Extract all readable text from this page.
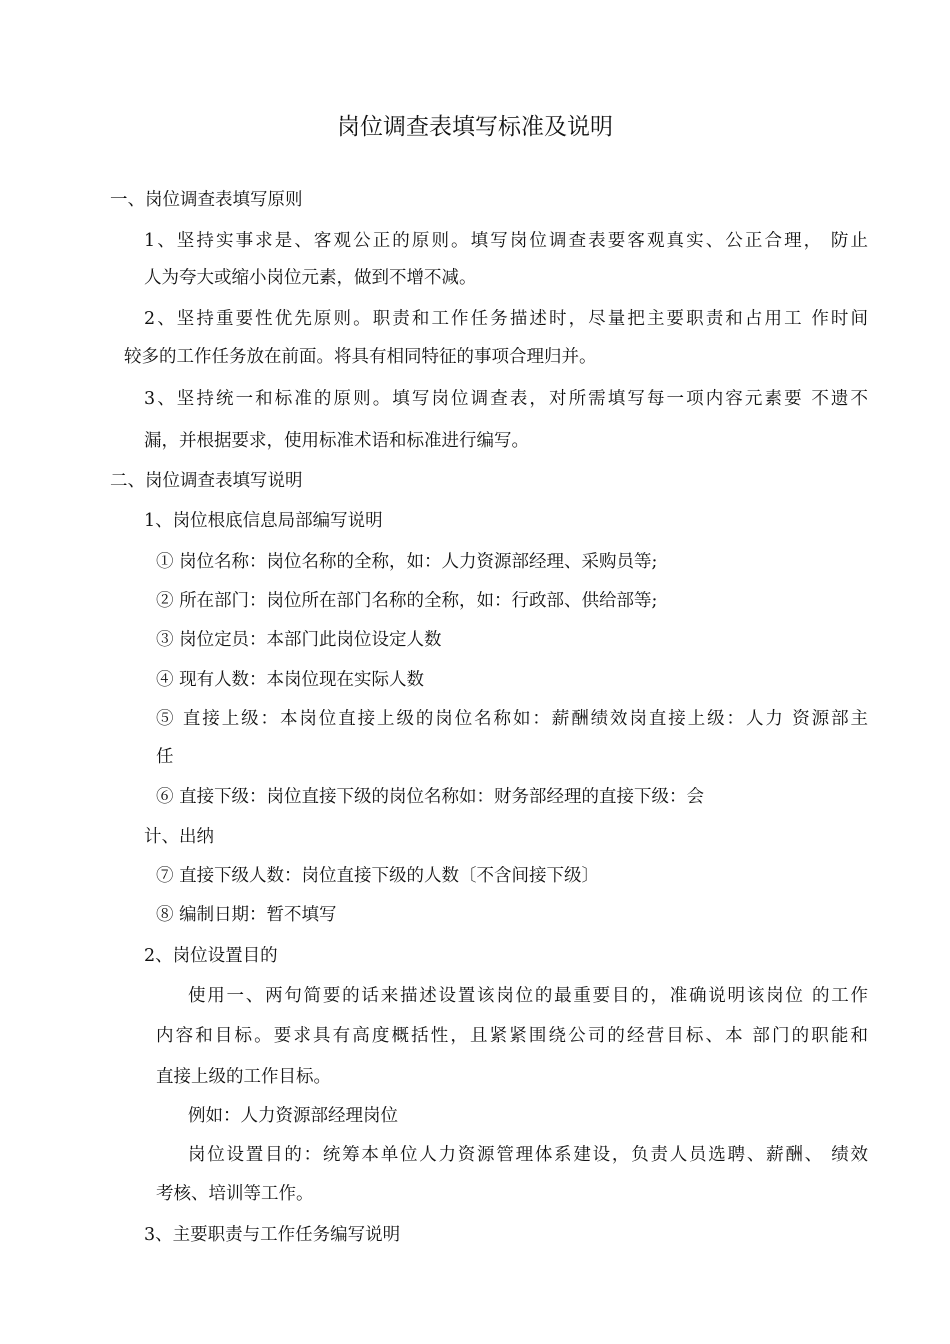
岗位调查表填写标准及说明
一、岗位调查表填写原则
1、坚持实事求是、客观公正的原则。填写岗位调查表要客观真实、公正合理， 防止
人为夸大或缩小岗位元素，做到不增不减。
2、坚持重要性优先原则。职责和工作任务描述时，尽量把主要职责和占用工 作时间
较多的工作任务放在前面。将具有相同特征的事项合理归并。
3、坚持统一和标准的原则。填写岗位调查表，对所需填写每一项内容元素要 不遗不
漏，并根据要求，使用标准术语和标准进行编写。
二、岗位调查表填写说明
1、岗位根底信息局部编写说明
① 岗位名称：岗位名称的全称，如：人力资源部经理、采购员等;
② 所在部门：岗位所在部门名称的全称，如：行政部、供给部等;
③ 岗位定员：本部门此岗位设定人数
④ 现有人数：本岗位现在实际人数
⑤ 直接上级：本岗位直接上级的岗位名称如：薪酬绩效岗直接上级：人力 资源部主
任
⑥ 直接下级：岗位直接下级的岗位名称如：财务部经理的直接下级：会
计、出纳
⑦ 直接下级人数：岗位直接下级的人数〔不含间接下级〕
⑧ 编制日期：暂不填写
2、岗位设置目的
使用一、两句简要的话来描述设置该岗位的最重要目的，准确说明该岗位 的工作
内容和目标。要求具有高度概括性，且紧紧围绕公司的经营目标、本 部门的职能和
直接上级的工作目标。
例如：人力资源部经理岗位
岗位设置目的：统筹本单位人力资源管理体系建设，负责人员选聘、薪酬、 绩效
考核、培训等工作。
3、主要职责与工作任务编写说明
